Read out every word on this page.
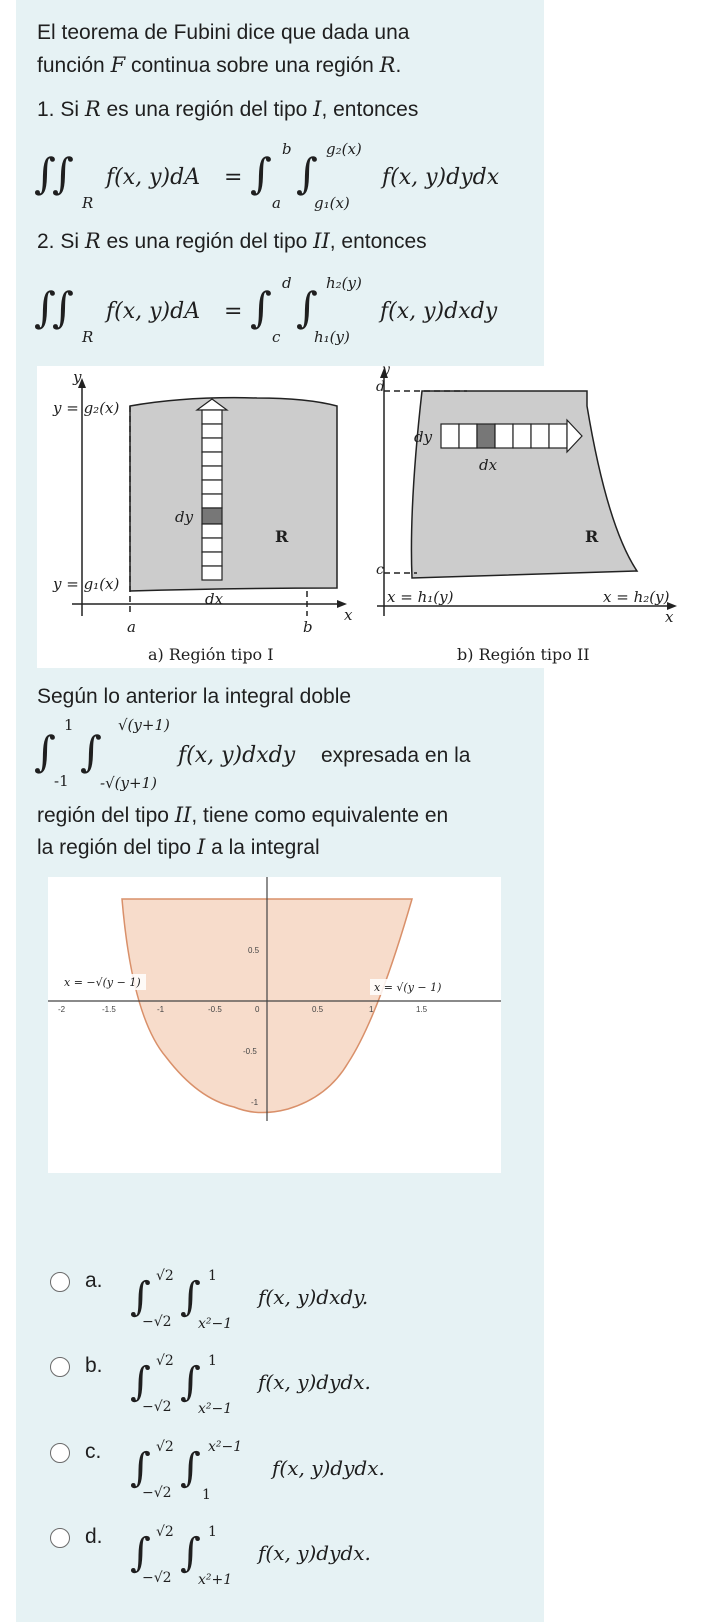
El teorema de Fubini dice que dada una
función F continua sobre una región R.
1. Si R es una región del tipo I, entonces
∫
∫
R
f(x, y)dA = ∫
a
b ∫
g₁(x)
g₂(x)
f(x, y)dydx
2. Si R es una región del tipo II, entonces
∫
∫
R
f(x, y)dA = ∫
c
d ∫
h₁(y)
h₂(y)
f(x, y)dxdy
y
y = g₂(x)
y = g₁(x)
dy
dx
R
a	b
x
a) Región tipo I
y
d
c
dy
dx
R
x = h₁(y)	x = h₂(y)
x
b) Región tipo II
Según lo anterior la integral doble
∫
-1
1
∫
-√(y+1)
√(y+1)
f(x, y)dxdy expresada en la
región del tipo II, tiene como equivalente en
la región del tipo I a la integral
-2	-1.5	-1	-0.5	0	0.5	1	1.5
0.5
-0.5
-1
x = −√(y − 1)	x = √(y − 1)
a. ∫
−√2
√2 ∫
x²−1
1
f(x, y)dxdy.
b. ∫
−√2
√2 ∫
x²−1
1
f(x, y)dydx.
c. ∫
−√2
√2 ∫
1
x²−1
f(x, y)dydx.
d. ∫
−√2
√2 ∫
x²+1
1
f(x, y)dydx.
